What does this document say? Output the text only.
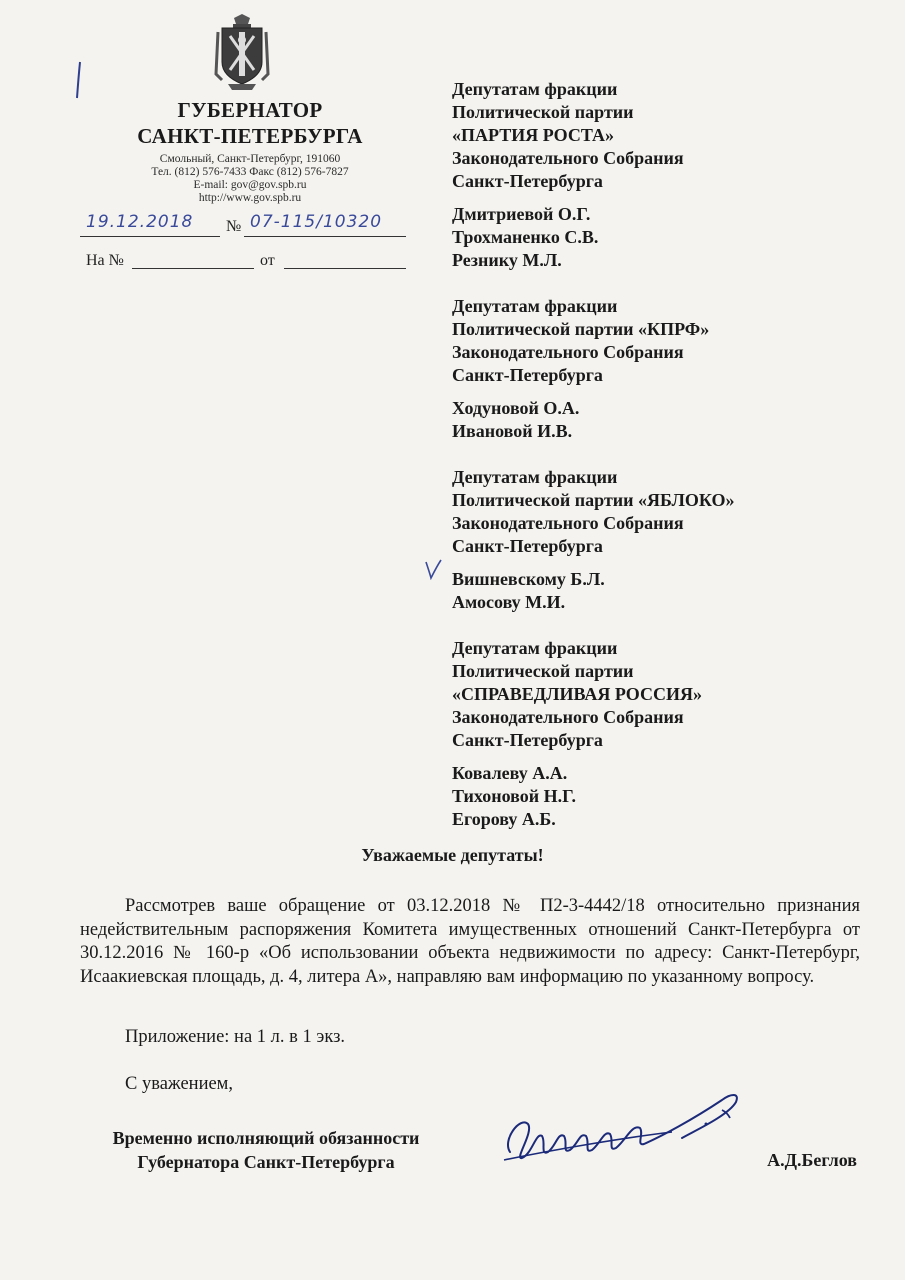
ГУБЕРНАТОР
САНКТ-ПЕТЕРБУРГА
Смольный, Санкт-Петербург, 191060
Тел. (812) 576-7433 Факс (812) 576-7827
E-mail: gov@gov.spb.ru
http://www.gov.spb.ru
19.12.2018 № 07-115/10320
На №	от
Депутатам фракции
Политической партии
«ПАРТИЯ РОСТА»
Законодательного Собрания
Санкт-Петербурга
Дмитриевой О.Г.
Трохманенко С.В.
Резнику М.Л.
Депутатам фракции
Политической партии «КПРФ»
Законодательного Собрания
Санкт-Петербурга
Ходуновой О.А.
Ивановой И.В.
Депутатам фракции
Политической партии «ЯБЛОКО»
Законодательного Собрания
Санкт-Петербурга
Вишневскому Б.Л.
Амосову М.И.
Депутатам фракции
Политической партии
«СПРАВЕДЛИВАЯ РОССИЯ»
Законодательного Собрания
Санкт-Петербурга
Ковалеву А.А.
Тихоновой Н.Г.
Егорову А.Б.
Уважаемые депутаты!

Рассмотрев ваше обращение от 03.12.2018 № П2-3-4442/18 относительно признания недействительным распоряжения Комитета имущественных отношений Санкт-Петербурга от 30.12.2016 № 160-р «Об использовании объекта недвижимости по адресу: Санкт-Петербург, Исаакиевская площадь, д. 4, литера А», направляю вам информацию по указанному вопросу.

Приложение: на 1 л. в 1 экз.
С уважением,
Временно исполняющий обязанности
Губернатора Санкт-Петербурга	А.Д.Беглов
